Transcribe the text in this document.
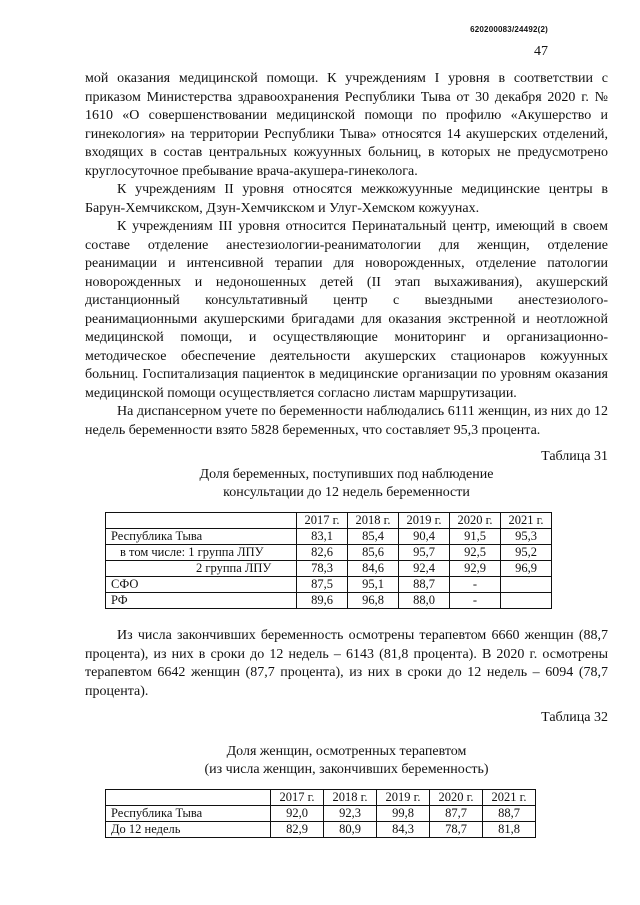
620200083/24492(2)
47

мой оказания медицинской помощи. К учреждениям I уровня в соответствии с приказом Министерства здравоохранения Республики Тыва от 30 декабря 2020 г. № 1610 «О совершенствовании медицинской помощи по профилю «Акушерство и гинекология» на территории Республики Тыва» относятся 14 акушерских отделений, входящих в состав центральных кожуунных больниц, в которых не предусмотрено круглосуточное пребывание врача-акушера-гинеколога.

К учреждениям II уровня относятся межкожуунные медицинские центры в Барун-Хемчикском, Дзун-Хемчикском и Улуг-Хемском кожуунах.

К учреждениям III уровня относится Перинатальный центр, имеющий в своем составе отделение анестезиологии-реаниматологии для женщин, отделение реанимации и интенсивной терапии для новорожденных, отделение патологии новорожденных и недоношенных детей (II этап выхаживания), акушерский дистанционный консультативный центр с выездными анестезиолого-реанимационными акушерскими бригадами для оказания экстренной и неотложной медицинской помощи, и осуществляющие мониторинг и организационно-методическое обеспечение деятельности акушерских стационаров кожуунных больниц. Госпитализация пациенток в медицинские организации по уровням оказания медицинской помощи осуществляется согласно листам маршрутизации.

На диспансерном учете по беременности наблюдались 6111 женщин, из них до 12 недель беременности взято 5828 беременных, что составляет 95,3 процента.

Таблица 31
Доля беременных, поступивших под наблюдение
консультации до 12 недель беременности
	2017 г.	2018 г.	2019 г.	2020 г.	2021 г.
Республика Тыва	83,1	85,4	90,4	91,5	95,3
в том числе: 1 группа ЛПУ	82,6	85,6	95,7	92,5	95,2
2 группа ЛПУ	78,3	84,6	92,4	92,9	96,9
СФО	87,5	95,1	88,7	-	
РФ	89,6	96,8	88,0	-	

Из числа закончивших беременность осмотрены терапевтом 6660 женщин (88,7 процента), из них в сроки до 12 недель – 6143 (81,8 процента). В 2020 г. осмотрены терапевтом 6642 женщин (87,7 процента), из них в сроки до 12 недель – 6094 (78,7 процента).

Таблица 32
Доля женщин, осмотренных терапевтом
(из числа женщин, закончивших беременность)
	2017 г.	2018 г.	2019 г.	2020 г.	2021 г.
Республика Тыва	92,0	92,3	99,8	87,7	88,7
До 12 недель	82,9	80,9	84,3	78,7	81,8
